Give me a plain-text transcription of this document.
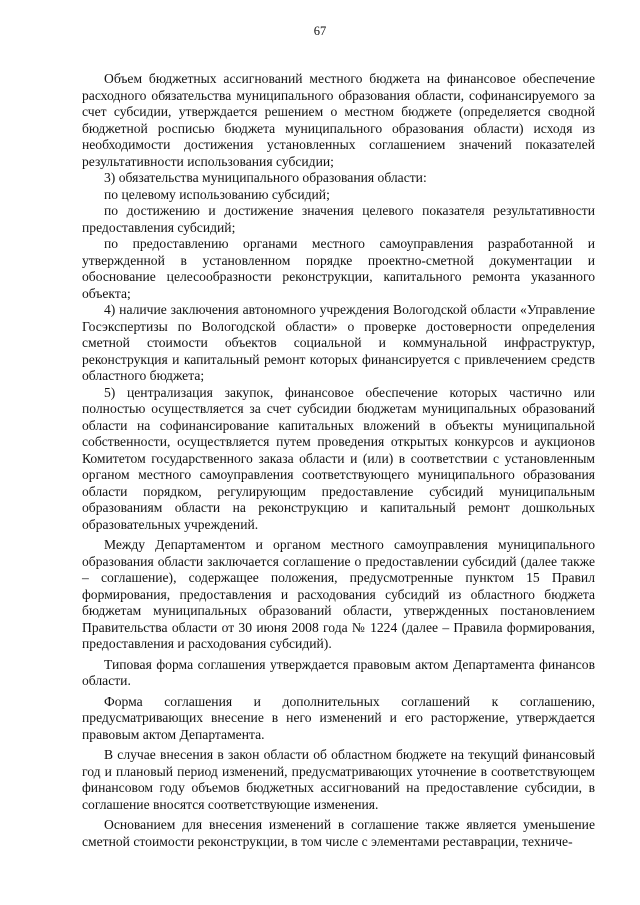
67

Объем бюджетных ассигнований местного бюджета на финансовое обеспечение расходного обязательства муниципального образования области, софинансируемого за счет субсидии, утверждается решением о местном бюджете (определяется сводной бюджетной росписью бюджета муниципального образования области) исходя из необходимости достижения установленных соглашением значений показателей результативности использования субсидии;

3) обязательства муниципального образования области:

по целевому использованию субсидий;

по достижению и достижение значения целевого показателя результативности предоставления субсидий;

по предоставлению органами местного самоуправления разработанной и утвержденной в установленном порядке проектно-сметной документации и обоснование целесообразности реконструкции, капитального ремонта указанного объекта;

4) наличие заключения автономного учреждения Вологодской области «Управление Госэкспертизы по Вологодской области» о проверке достоверности определения сметной стоимости объектов социальной и коммунальной инфраструктур, реконструкция и капитальный ремонт которых финансируется с привлечением средств областного бюджета;

5) централизация закупок, финансовое обеспечение которых частично или полностью осуществляется за счет субсидии бюджетам муниципальных образований области на софинансирование капитальных вложений в объекты муниципальной собственности, осуществляется путем проведения открытых конкурсов и аукционов Комитетом государственного заказа области и (или) в соответствии с установленным органом местного самоуправления соответствующего муниципального образования области порядком, регулирующим предоставление субсидий муниципальным образованиям области на реконструкцию и капитальный ремонт дошкольных образовательных учреждений.

Между Департаментом и органом местного самоуправления муниципального образования области заключается соглашение о предоставлении субсидий (далее также – соглашение), содержащее положения, предусмотренные пунктом 15 Правил формирования, предоставления и расходования субсидий из областного бюджета бюджетам муниципальных образований области, утвержденных постановлением Правительства области от 30 июня 2008 года № 1224 (далее – Правила формирования, предоставления и расходования субсидий).

Типовая форма соглашения утверждается правовым актом Департамента финансов области.

Форма соглашения и дополнительных соглашений к соглашению, предусматривающих внесение в него изменений и его расторжение, утверждается правовым актом Департамента.

В случае внесения в закон области об областном бюджете на текущий финансовый год и плановый период изменений, предусматривающих уточнение в соответствующем финансовом году объемов бюджетных ассигнований на предоставление субсидии, в соглашение вносятся соответствующие изменения.

Основанием для внесения изменений в соглашение также является уменьшение сметной стоимости реконструкции, в том числе с элементами реставрации, техниче-
